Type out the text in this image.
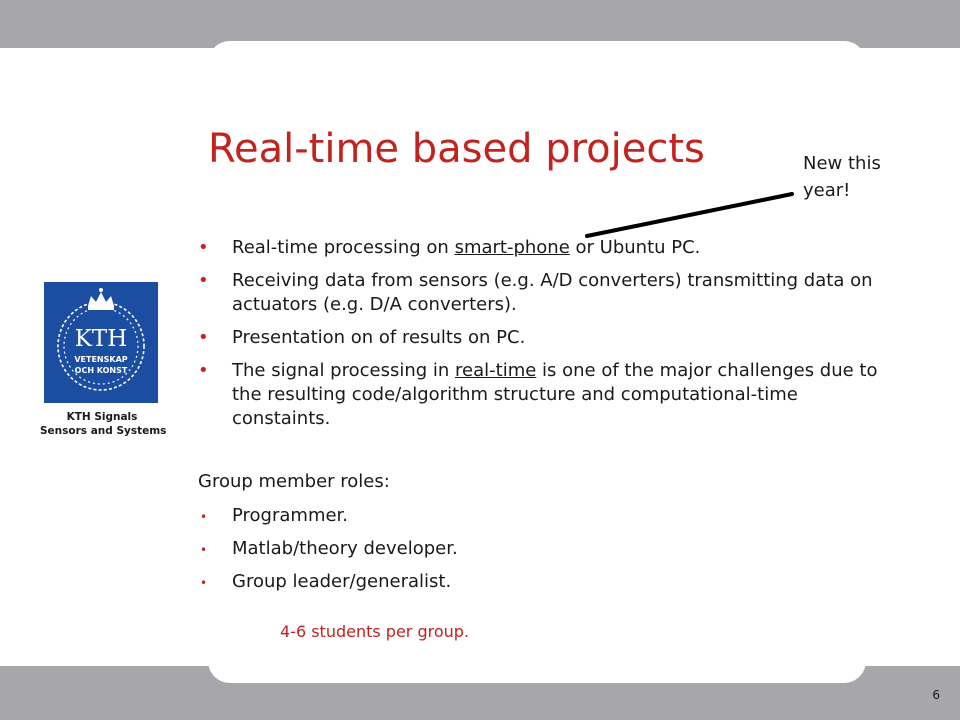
Real-time based projects	New this
year!
KTH
VETENSKAP
OCH KONST
KTH Signals
Sensors and Systems
• Real-time processing on smart-phone or Ubuntu PC.
• Receiving data from sensors (e.g. A/D converters) transmitting data on actuators (e.g. D/A converters).
• Presentation on of results on PC.
• The signal processing in real-time is one of the major challenges due to the resulting code/algorithm structure and computational-time constaints.
Group member roles:
• Programmer.
• Matlab/theory developer.
• Group leader/generalist.
4-6 students per group.
6
